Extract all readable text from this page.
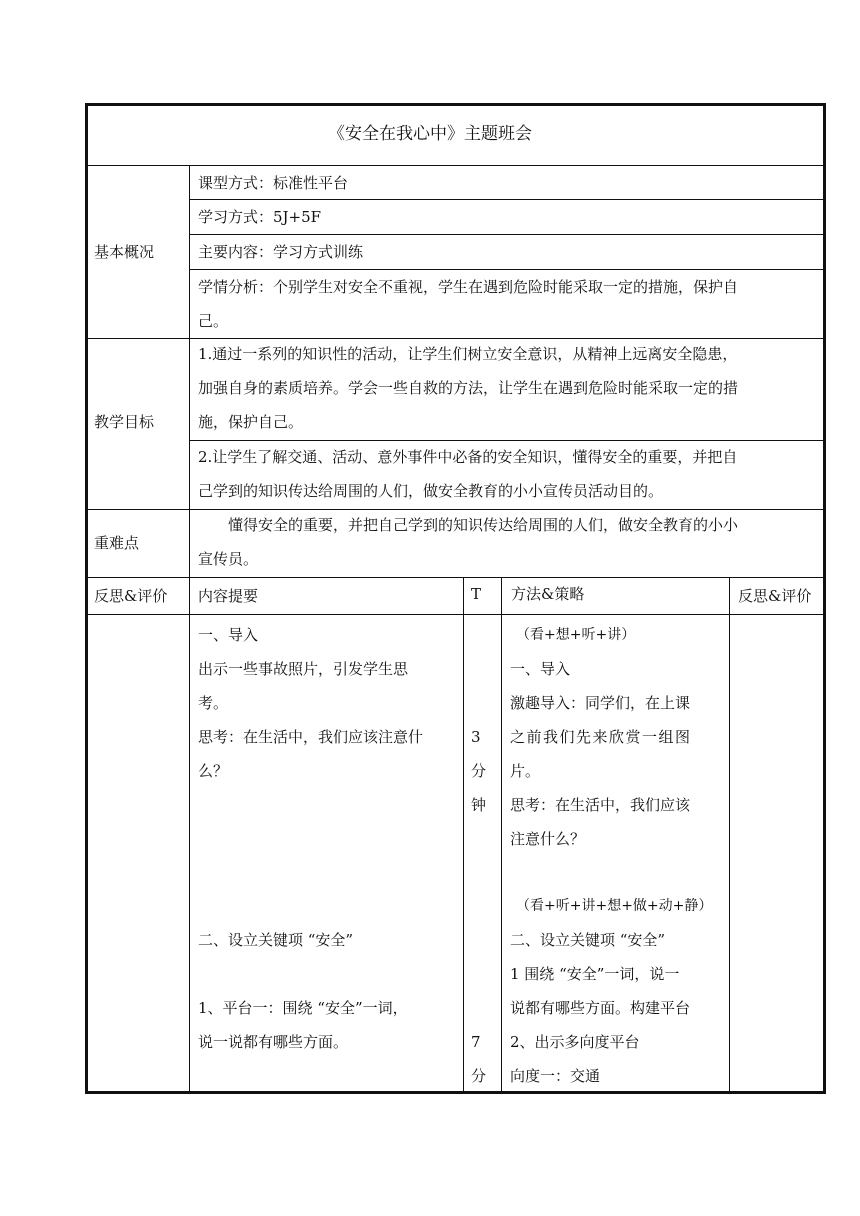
《安全在我心中》主题班会
基本概况
课型方式：标准性平台
学习方式：5J+5F
主要内容：学习方式训练
学情分析：个别学生对安全不重视，学生在遇到危险时能采取一定的措施，保护自
己。
教学目标
1.通过一系列的知识性的活动，让学生们树立安全意识，从精神上远离安全隐患，
加强自身的素质培养。学会一些自救的方法，让学生在遇到危险时能采取一定的措
施，保护自己。
2.让学生了解交通、活动、意外事件中必备的安全知识，懂得安全的重要，并把自
己学到的知识传达给周围的人们，做安全教育的小小宣传员活动目的。
重难点
懂得安全的重要，并把自己学到的知识传达给周围的人们，做安全教育的小小
宣传员。
反思&评价 内容提要	T 方法&策略	反思&评价
一、导入
出示一些事故照片，引发学生思
考。
思考：在生活中，我们应该注意什
么？
二、设立关键项 “安全”
1、平台一：围绕 “安全”一词，
说一说都有哪些方面。
3
分
钟
7
分
（看+想+听+讲）
一、导入
激趣导入：同学们，在上课
之前我们先来欣赏一组图
片。
思考：在生活中，我们应该
注意什么？
（看+听+讲+想+做+动+静）
二、设立关键项 “安全”
1 围绕 “安全”一词，说一
说都有哪些方面。构建平台
2、出示多向度平台
向度一：交通
